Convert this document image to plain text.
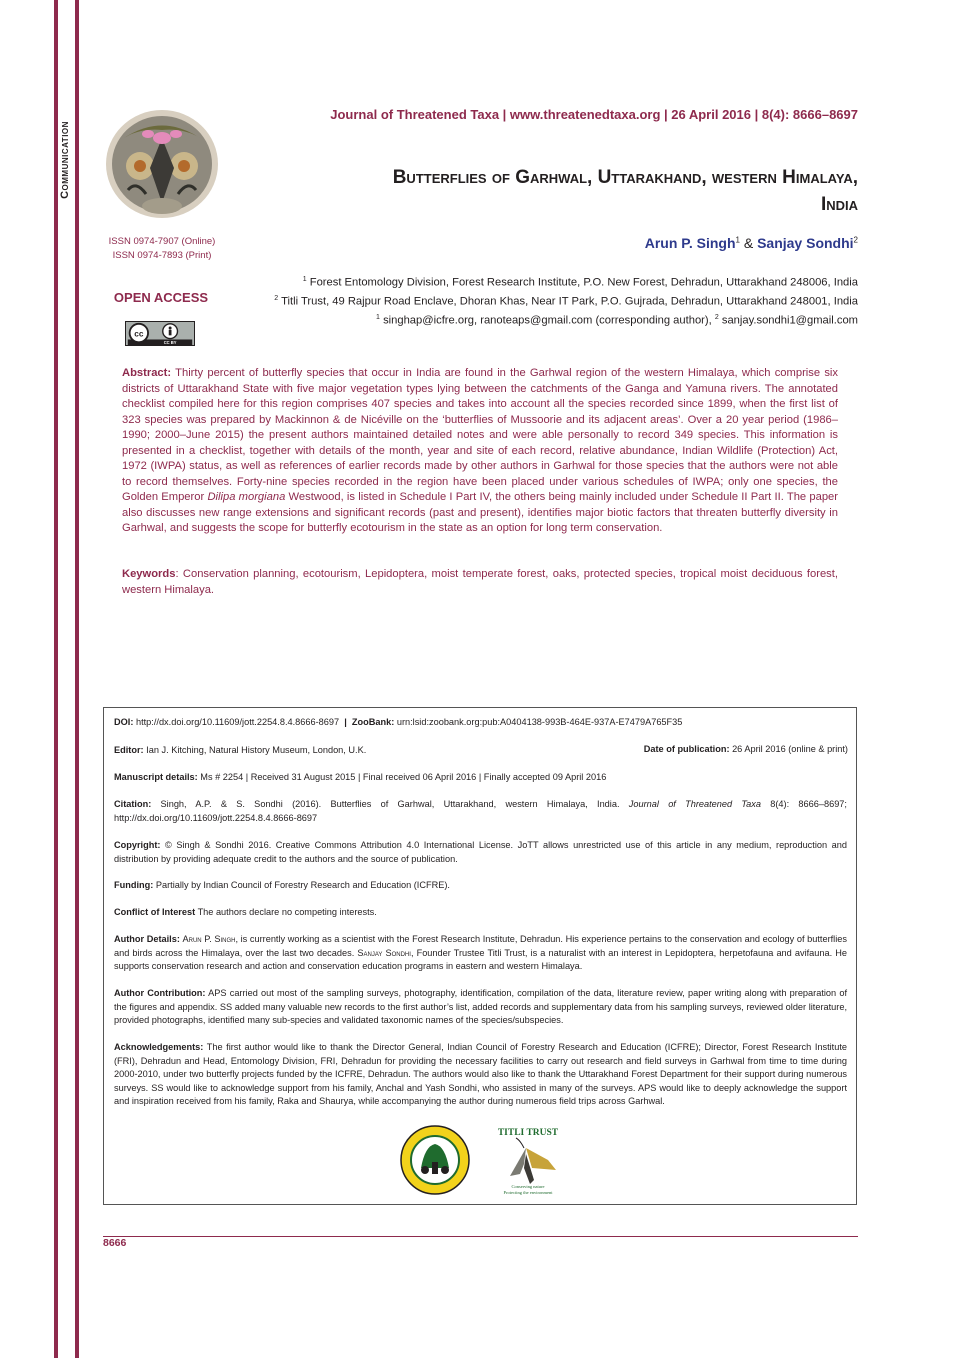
Communication
Journal of Threatened Taxa | www.threatenedtaxa.org | 26 April 2016 | 8(4): 8666–8697
ISSN 0974-7907 (Online)
ISSN 0974-7893 (Print)
OPEN ACCESS
cc
CC BY
Butterflies of Garhwal, Uttarakhand, western Himalaya,
India
Arun P. Singh$^1$ & Sanjay Sondhi$^2$
$^1$ Forest Entomology Division, Forest Research Institute, P.O. New Forest, Dehradun, Uttarakhand 248006, India
$^2$ Titli Trust, 49 Rajpur Road Enclave, Dhoran Khas, Near IT Park, P.O. Gujrada, Dehradun, Uttarakhand 248001, India
$^1$ singhap@icfre.org, ranoteaps@gmail.com (corresponding author), $^2$ sanjay.sondhi1@gmail.com
Abstract: Thirty percent of butterfly species that occur in India are found in the Garhwal region of the western Himalaya, which comprise six districts of Uttarakhand State with five major vegetation types lying between the catchments of the Ganga and Yamuna rivers. The annotated checklist compiled here for this region comprises 407 species and takes into account all the species recorded since 1899, when the first list of 323 species was prepared by Mackinnon & de Nicéville on the ‘butterflies of Mussoorie and its adjacent areas’. Over a 20 year period (1986–1990; 2000–June 2015) the present authors maintained detailed notes and were able personally to record 349 species. This information is presented in a checklist, together with details of the month, year and site of each record, relative abundance, Indian Wildlife (Protection) Act, 1972 (IWPA) status, as well as references of earlier records made by other authors in Garhwal for those species that the authors were not able to record themselves. Forty-nine species recorded in the region have been placed under various schedules of IWPA; only one species, the Golden Emperor Dilipa morgiana Westwood, is listed in Schedule I Part IV, the others being mainly included under Schedule II Part II. The paper also discusses new range extensions and significant records (past and present), identifies major biotic factors that threaten butterfly diversity in Garhwal, and suggests the scope for butterfly ecotourism in the state as an option for long term conservation.
Keywords: Conservation planning, ecotourism, Lepidoptera, moist temperate forest, oaks, protected species, tropical moist deciduous forest, western Himalaya.
DOI: http://dx.doi.org/10.11609/jott.2254.8.4.8666-8697 | ZooBank: urn:lsid:zoobank.org:pub:A0404138-993B-464E-937A-E7479A765F35
Editor: Ian J. Kitching, Natural History Museum, London, U.K.	Date of publication: 26 April 2016 (online & print)
Manuscript details: Ms # 2254 | Received 31 August 2015 | Final received 06 April 2016 | Finally accepted 09 April 2016
Citation: Singh, A.P. & S. Sondhi (2016). Butterflies of Garhwal, Uttarakhand, western Himalaya, India. Journal of Threatened Taxa 8(4): 8666–8697; http://dx.doi.org/10.11609/jott.2254.8.4.8666-8697
Copyright: © Singh & Sondhi 2016. Creative Commons Attribution 4.0 International License. JoTT allows unrestricted use of this article in any medium, reproduction and distribution by providing adequate credit to the authors and the source of publication.
Funding: Partially by Indian Council of Forestry Research and Education (ICFRE).
Conflict of Interest The authors declare no competing interests.
Author Details: Arun P. Singh, is currently working as a scientist with the Forest Research Institute, Dehradun. His experience pertains to the conservation and ecology of butterflies and birds across the Himalaya, over the last two decades. Sanjay Sondhi, Founder Trustee Titli Trust, is a naturalist with an interest in Lepidoptera, herpetofauna and avifauna. He supports conservation research and action and conservation education programs in eastern and western Himalaya.
Author Contribution: APS carried out most of the sampling surveys, photography, identification, compilation of the data, literature review, paper writing along with preparation of the figures and appendix. SS added many valuable new records to the first author’s list, added records and supplementary data from his sampling surveys, reviewed older literature, provided photographs, identified many sub-species and validated taxonomic names of the species/subspecies.
Acknowledgements: The first author would like to thank the Director General, Indian Council of Forestry Research and Education (ICFRE); Director, Forest Research Institute (FRI), Dehradun and Head, Entomology Division, FRI, Dehradun for providing the necessary facilities to carry out research and field surveys in Garhwal from time to time during 2000-2010, under two butterfly projects funded by the ICFRE, Dehradun. The authors would also like to thank the Uttarakhand Forest Department for their support during numerous surveys. SS would like to acknowledge support from his family, Anchal and Yash Sondhi, who assisted in many of the surveys. APS would like to deeply acknowledge the support and inspiration received from his family, Raka and Shaurya, while accompanying the author during numerous field trips across Garhwal.
TITLI TRUST
Conserving nature
Protecting the environment
8666
